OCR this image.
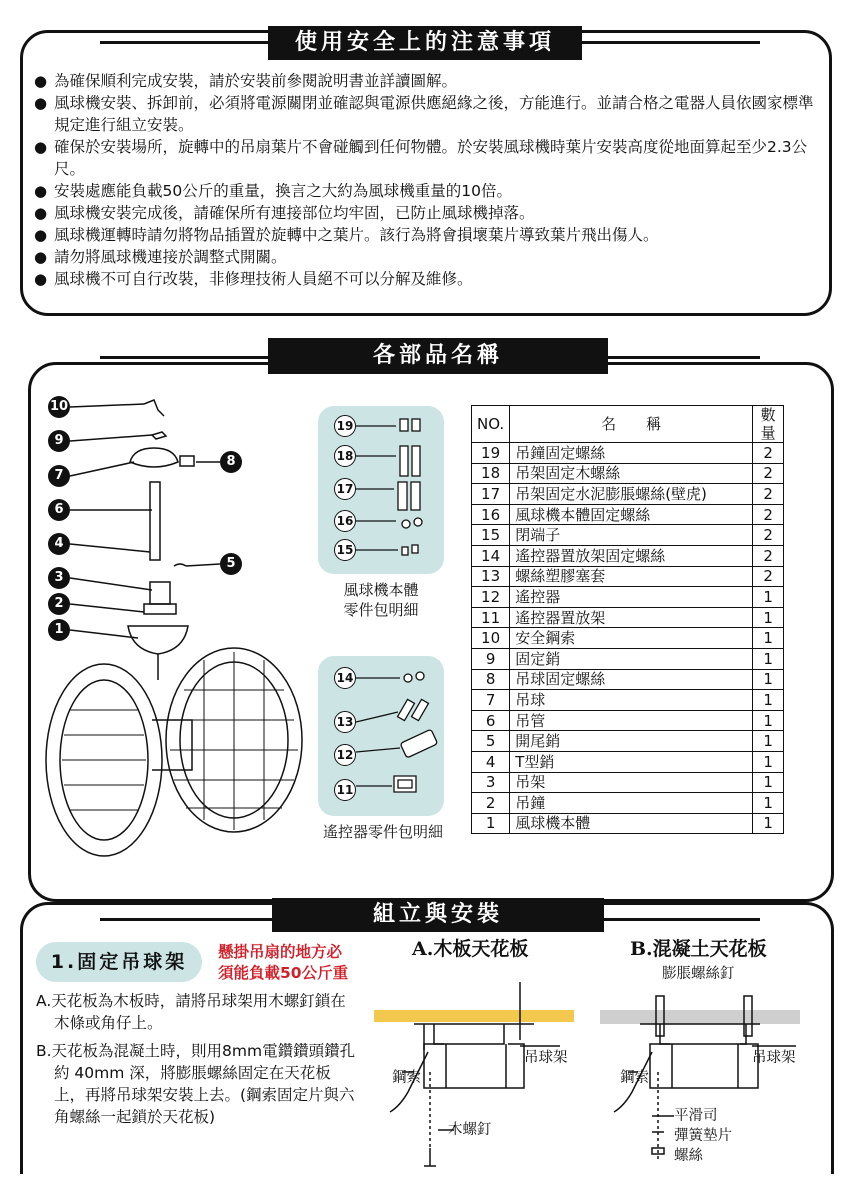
使用安全上的注意事項
● 為確保順利完成安裝，請於安裝前參閱說明書並詳讀圖解。
● 風球機安裝、拆卸前，必須將電源關閉並確認與電源供應絕緣之後，方能進行。並請合格之電器人員依國家標準規定進行組立安裝。
● 確保於安裝場所，旋轉中的吊扇葉片不會碰觸到任何物體。於安裝風球機時葉片安裝高度從地面算起至少2.3公尺。
● 安裝處應能負載50公斤的重量，換言之大約為風球機重量的10倍。
● 風球機安裝完成後，請確保所有連接部位均牢固，已防止風球機掉落。
● 風球機運轉時請勿將物品插置於旋轉中之葉片。該行為將會損壞葉片導致葉片飛出傷人。
● 請勿將風球機連接於調整式開關。
● 風球機不可自行改裝，非修理技術人員絕不可以分解及維修。
各部品名稱
10
9
7
8
6
4
5
3
2
1
19
18
17
16
15
風球機本體
零件包明細
14
13
12
11
遙控器零件包明細
NO.	名　　稱	數量
19	吊鐘固定螺絲	2
18	吊架固定木螺絲	2
17	吊架固定水泥膨脹螺絲(壁虎)	2
16	風球機本體固定螺絲	2
15	閉端子	2
14	遙控器置放架固定螺絲	2
13	螺絲塑膠塞套	2
12	遙控器	1
11	遙控器置放架	1
10	安全鋼索	1
9	固定銷	1
8	吊球固定螺絲	1
7	吊球	1
6	吊管	1
5	開尾銷	1
4	T型銷	1
3	吊架	1
2	吊鐘	1
1	風球機本體	1
組立與安裝
1.固定吊球架	懸掛吊扇的地方必
須能負載50公斤重
A.天花板為木板時，請將吊球架用木螺釘鎖在木條或角仔上。
B.天花板為混凝土時，則用8mm電鑽鑽頭鑽孔約 40mm 深，將膨脹螺絲固定在天花板上，再將吊球架安裝上去。(鋼索固定片與六角螺絲一起鎖於天花板)
A.木板天花板	B.混凝土天花板
吊球架
鋼索
木螺釘
膨脹螺絲釘
吊球架
鋼索
平滑司
彈簧墊片
螺絲
